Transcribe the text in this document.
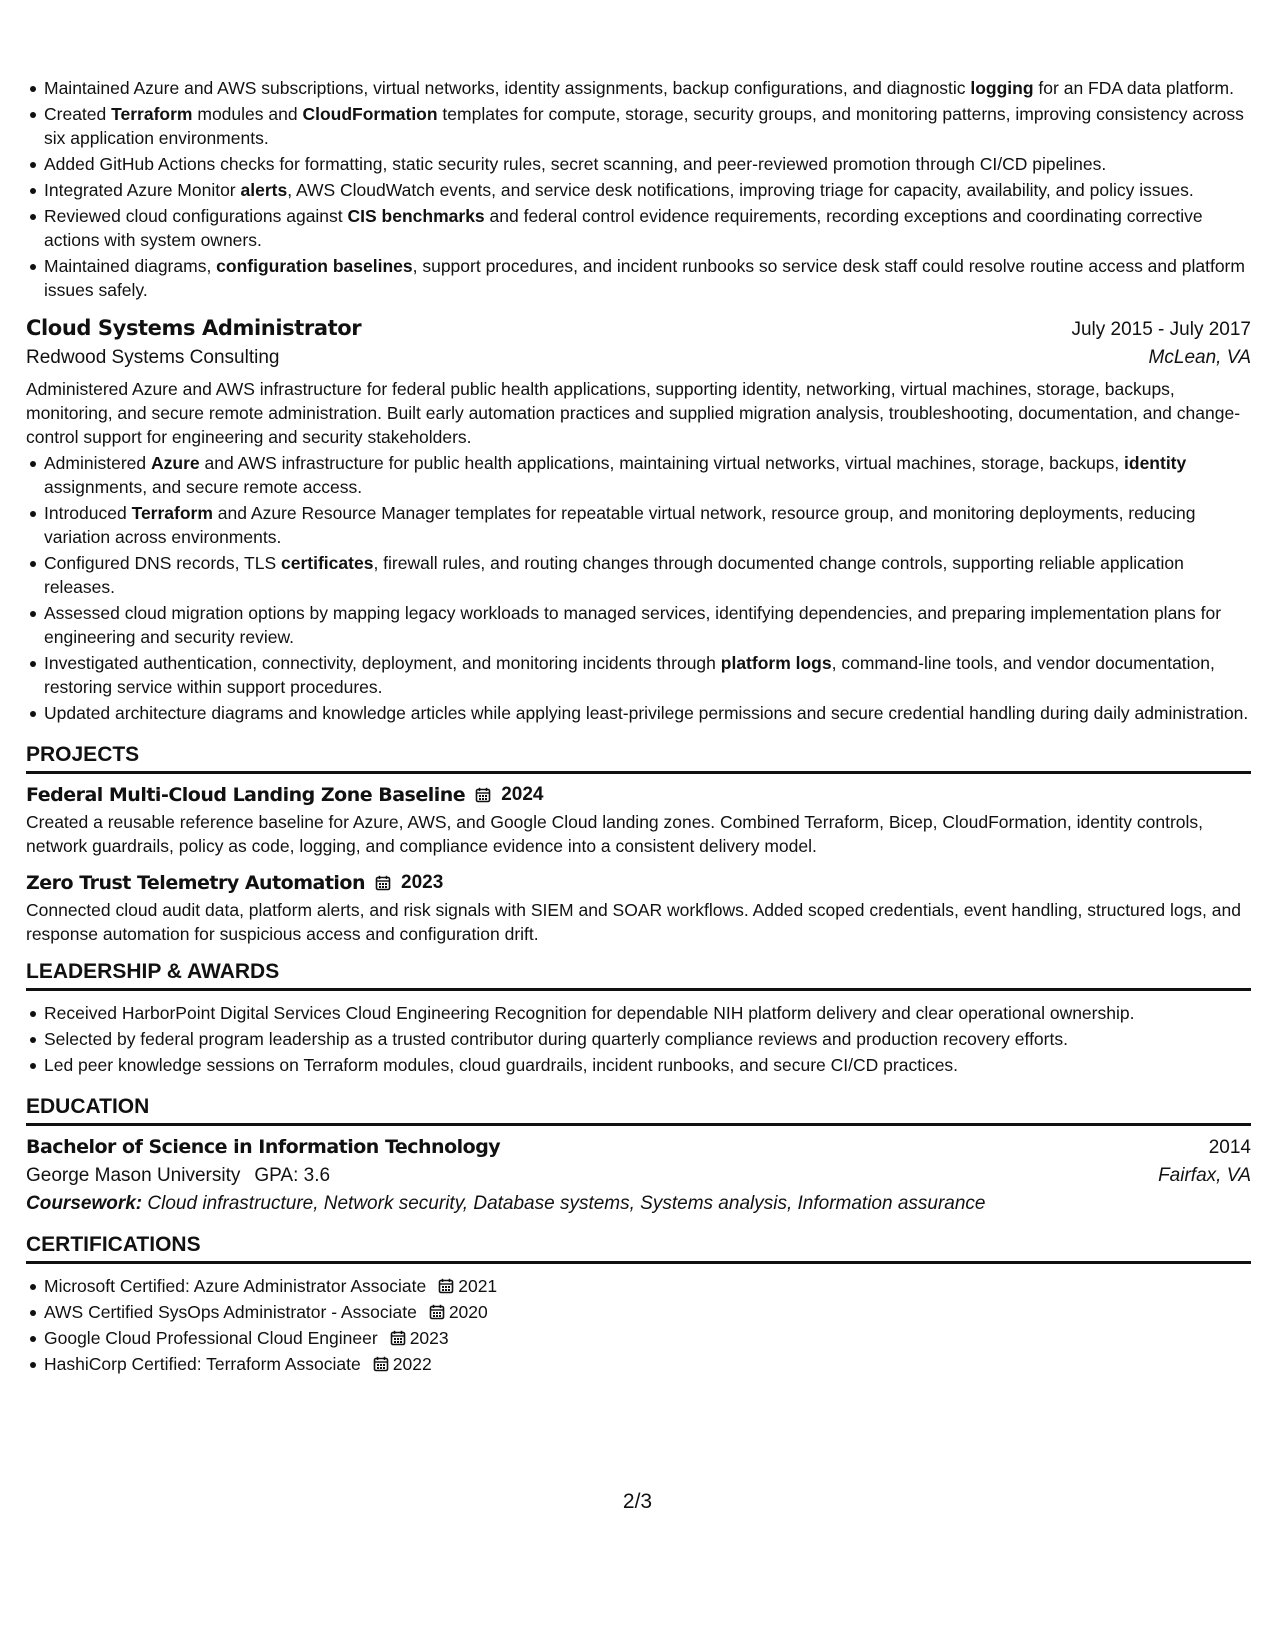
Maintained Azure and AWS subscriptions, virtual networks, identity assignments, backup configurations, and diagnostic logging for an FDA data platform.
Created Terraform modules and CloudFormation templates for compute, storage, security groups, and monitoring patterns, improving consistency across six application environments.
Added GitHub Actions checks for formatting, static security rules, secret scanning, and peer-reviewed promotion through CI/CD pipelines.
Integrated Azure Monitor alerts, AWS CloudWatch events, and service desk notifications, improving triage for capacity, availability, and policy issues.
Reviewed cloud configurations against CIS benchmarks and federal control evidence requirements, recording exceptions and coordinating corrective actions with system owners.
Maintained diagrams, configuration baselines, support procedures, and incident runbooks so service desk staff could resolve routine access and platform issues safely.
Cloud Systems Administrator	July 2015 - July 2017
Redwood Systems Consulting	McLean, VA
Administered Azure and AWS infrastructure for federal public health applications, supporting identity, networking, virtual machines, storage, backups, monitoring, and secure remote administration. Built early automation practices and supplied migration analysis, troubleshooting, documentation, and change-control support for engineering and security stakeholders.
Administered Azure and AWS infrastructure for public health applications, maintaining virtual networks, virtual machines, storage, backups, identity assignments, and secure remote access.
Introduced Terraform and Azure Resource Manager templates for repeatable virtual network, resource group, and monitoring deployments, reducing variation across environments.
Configured DNS records, TLS certificates, firewall rules, and routing changes through documented change controls, supporting reliable application releases.
Assessed cloud migration options by mapping legacy workloads to managed services, identifying dependencies, and preparing implementation plans for engineering and security review.
Investigated authentication, connectivity, deployment, and monitoring incidents through platform logs, command-line tools, and vendor documentation, restoring service within support procedures.
Updated architecture diagrams and knowledge articles while applying least-privilege permissions and secure credential handling during daily administration.
PROJECTS
Federal Multi-Cloud Landing Zone Baseline 2024
Created a reusable reference baseline for Azure, AWS, and Google Cloud landing zones. Combined Terraform, Bicep, CloudFormation, identity controls, network guardrails, policy as code, logging, and compliance evidence into a consistent delivery model.
Zero Trust Telemetry Automation 2023
Connected cloud audit data, platform alerts, and risk signals with SIEM and SOAR workflows. Added scoped credentials, event handling, structured logs, and response automation for suspicious access and configuration drift.
LEADERSHIP & AWARDS
Received HarborPoint Digital Services Cloud Engineering Recognition for dependable NIH platform delivery and clear operational ownership.
Selected by federal program leadership as a trusted contributor during quarterly compliance reviews and production recovery efforts.
Led peer knowledge sessions on Terraform modules, cloud guardrails, incident runbooks, and secure CI/CD practices.
EDUCATION
Bachelor of Science in Information Technology	2014
George Mason University GPA: 3.6	Fairfax, VA
Coursework: Cloud infrastructure, Network security, Database systems, Systems analysis, Information assurance
CERTIFICATIONS
Microsoft Certified: Azure Administrator Associate 2021
AWS Certified SysOps Administrator - Associate 2020
Google Cloud Professional Cloud Engineer 2023
HashiCorp Certified: Terraform Associate 2022
2/3
